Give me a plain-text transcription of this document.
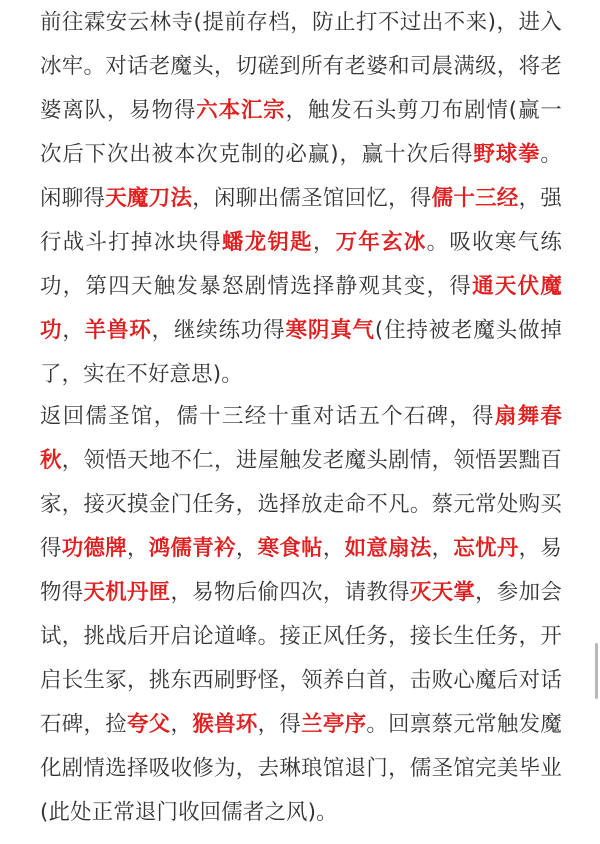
前往霖安云林寺(提前存档，防止打不过出不来)，进入冰牢。对话老魔头，切磋到所有老婆和司晨满级，将老婆离队，易物得六本汇宗，触发石头剪刀布剧情(赢一次后下次出被本次克制的必赢)，赢十次后得野球拳。闲聊得天魔刀法，闲聊出儒圣馆回忆，得儒十三经，强行战斗打掉冰块得蟠龙钥匙，万年玄冰。吸收寒气练功，第四天触发暴怒剧情选择静观其变，得通天伏魔功，羊兽环，继续练功得寒阴真气(住持被老魔头做掉了，实在不好意思)。

返回儒圣馆，儒十三经十重对话五个石碑，得扇舞春秋，领悟天地不仁，进屋触发老魔头剧情，领悟罢黜百家，接灭摸金门任务，选择放走命不凡。蔡元常处购买得功德牌，鸿儒青衿，寒食帖，如意扇法，忘忧丹，易物得天机丹匣，易物后偷四次，请教得灭天掌，参加会试，挑战后开启论道峰。接正风任务，接长生任务，开启长生冢，挑东西刷野怪，领养白首，击败心魔后对话石碑，捡夸父，猴兽环，得兰亭序。回禀蔡元常触发魔化剧情选择吸收修为，去琳琅馆退门，儒圣馆完美毕业(此处正常退门收回儒者之风)。
